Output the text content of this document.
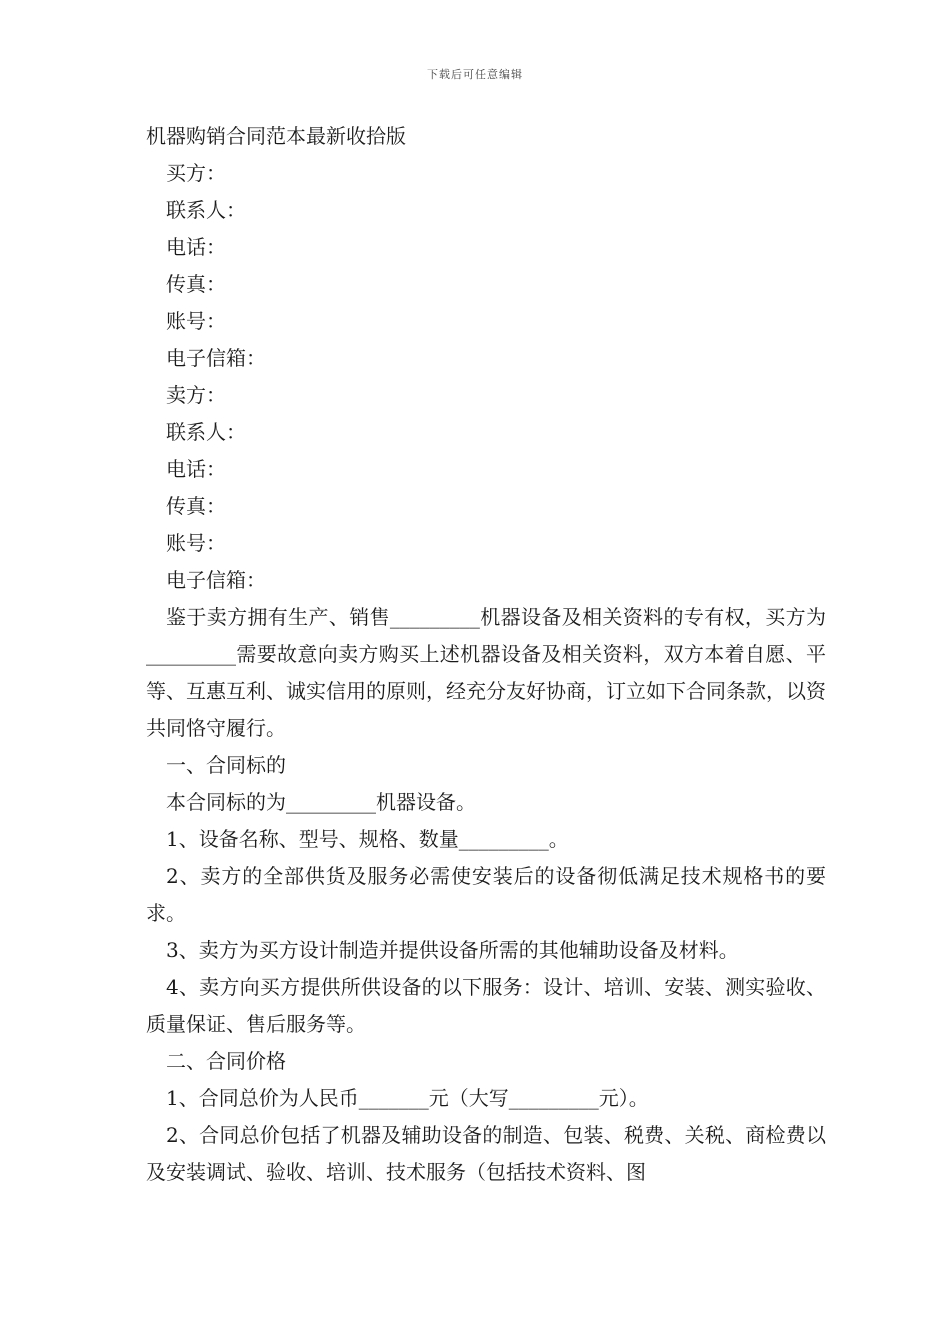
下载后可任意编辑
机器购销合同范本最新收拾版
买方：
联系人：
电话：
传真：
账号：
电子信箱：
卖方：
联系人：
电话：
传真：
账号：
电子信箱：

鉴于卖方拥有生产、销售_________机器设备及相关资料的专有权，买方为_________需要故意向卖方购买上述机器设备及相关资料，双方本着自愿、平等、互惠互利、诚实信用的原则，经充分友好协商，订立如下合同条款，以资共同恪守履行。

一、合同标的

本合同标的为_________机器设备。

1、设备名称、型号、规格、数量_________。

2、卖方的全部供货及服务必需使安装后的设备彻低满足技术规格书的要求。

3、卖方为买方设计制造并提供设备所需的其他辅助设备及材料。

4、卖方向买方提供所供设备的以下服务：设计、培训、安装、测实验收、质量保证、售后服务等。

二、合同价格

1、合同总价为人民币_______元（大写_________元）。

2、合同总价包括了机器及辅助设备的制造、包装、税费、关税、商检费以及安装调试、验收、培训、技术服务（包括技术资料、图
